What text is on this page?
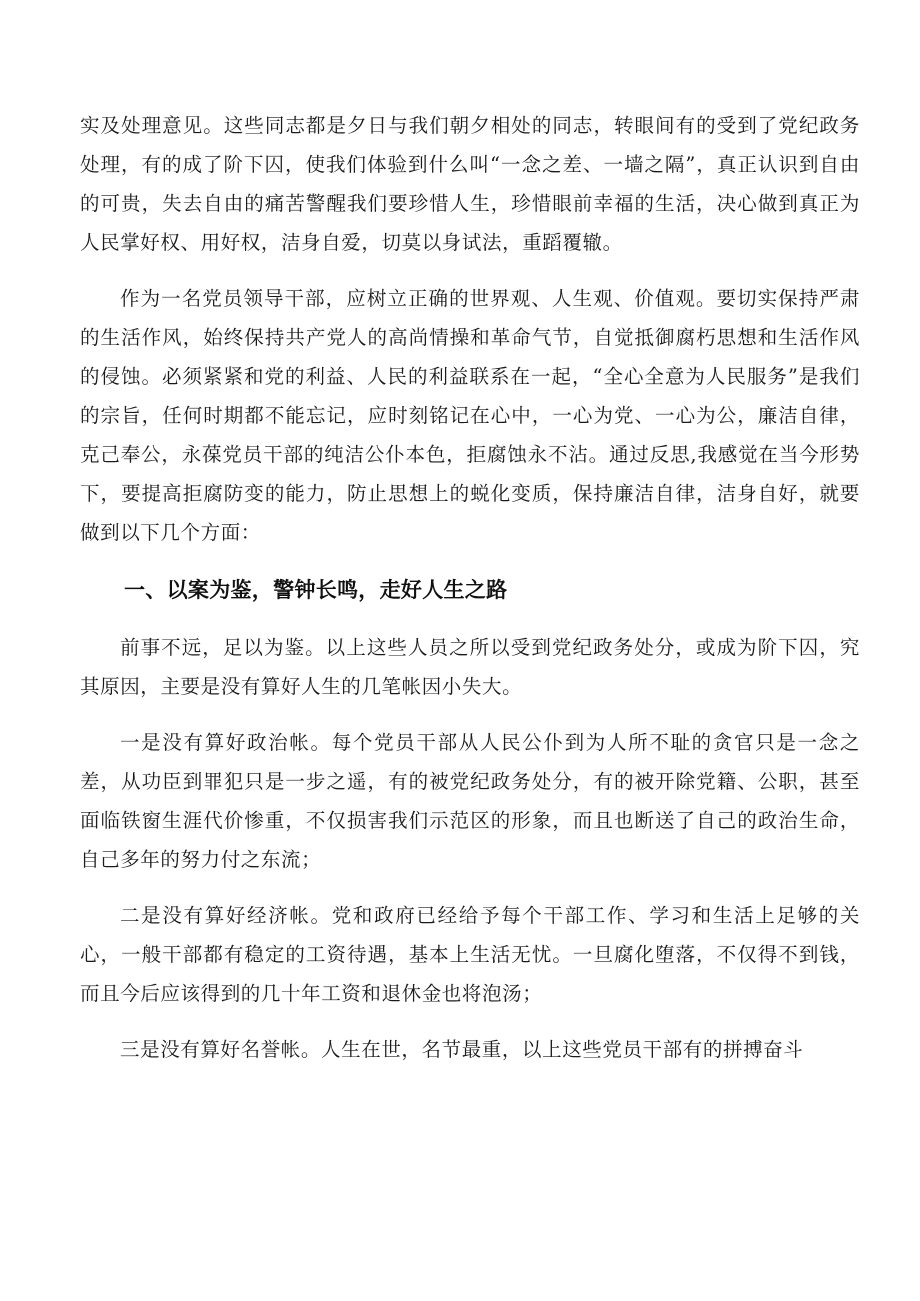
实及处理意见。这些同志都是夕日与我们朝夕相处的同志，转眼间有的受到了党纪政务处理，有的成了阶下囚，使我们体验到什么叫“一念之差、一墙之隔”，真正认识到自由的可贵，失去自由的痛苦警醒我们要珍惜人生，珍惜眼前幸福的生活，决心做到真正为人民掌好权、用好权，洁身自爱，切莫以身试法，重蹈覆辙。

作为一名党员领导干部，应树立正确的世界观、人生观、价值观。要切实保持严肃的生活作风，始终保持共产党人的高尚情操和革命气节，自觉抵御腐朽思想和生活作风的侵蚀。必须紧紧和党的利益、人民的利益联系在一起，“全心全意为人民服务”是我们的宗旨，任何时期都不能忘记，应时刻铭记在心中，一心为党、一心为公，廉洁自律，克己奉公，永葆党员干部的纯洁公仆本色，拒腐蚀永不沾。通过反思,我感觉在当今形势下，要提高拒腐防变的能力，防止思想上的蜕化变质，保持廉洁自律，洁身自好，就要做到以下几个方面：

一、以案为鉴，警钟长鸣，走好人生之路

前事不远，足以为鉴。以上这些人员之所以受到党纪政务处分，或成为阶下囚，究其原因，主要是没有算好人生的几笔帐因小失大。

一是没有算好政治帐。每个党员干部从人民公仆到为人所不耻的贪官只是一念之差，从功臣到罪犯只是一步之遥，有的被党纪政务处分，有的被开除党籍、公职，甚至面临铁窗生涯代价惨重，不仅损害我们示范区的形象，而且也断送了自己的政治生命，自己多年的努力付之东流；

二是没有算好经济帐。党和政府已经给予每个干部工作、学习和生活上足够的关心，一般干部都有稳定的工资待遇，基本上生活无忧。一旦腐化堕落，不仅得不到钱，而且今后应该得到的几十年工资和退休金也将泡汤；

三是没有算好名誉帐。人生在世，名节最重，以上这些党员干部有的拼搏奋斗
